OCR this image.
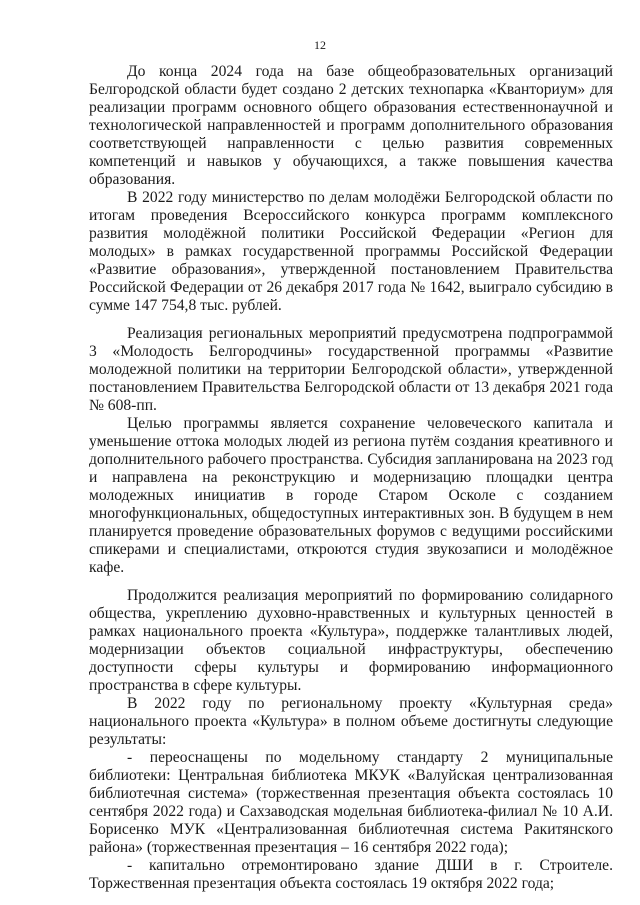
12

До конца 2024 года на базе общеобразовательных организаций Белгородской области будет создано 2 детских технопарка «Кванториум» для реализации программ основного общего образования естественнонаучной и технологической направленностей и программ дополнительного образования соответствующей направленности с целью развития современных компетенций и навыков у обучающихся, а также повышения качества образования.

В 2022 году министерство по делам молодёжи Белгородской области по итогам проведения Всероссийского конкурса программ комплексного развития молодёжной политики Российской Федерации «Регион для молодых» в рамках государственной программы Российской Федерации «Развитие образования», утвержденной постановлением Правительства Российской Федерации от 26 декабря 2017 года № 1642, выиграло субсидию в сумме 147 754,8 тыс. рублей.

Реализация региональных мероприятий предусмотрена подпрограммой 3 «Молодость Белгородчины» государственной программы «Развитие молодежной политики на территории Белгородской области», утвержденной постановлением Правительства Белгородской области от 13 декабря 2021 года № 608-пп.

Целью программы является сохранение человеческого капитала и уменьшение оттока молодых людей из региона путём создания креативного и дополнительного рабочего пространства. Субсидия запланирована на 2023 год и направлена на реконструкцию и модернизацию площадки центра молодежных инициатив в городе Старом Осколе с созданием многофункциональных, общедоступных интерактивных зон. В будущем в нем планируется проведение образовательных форумов с ведущими российскими спикерами и специалистами, откроются студия звукозаписи и молодёжное кафе.

Продолжится реализация мероприятий по формированию солидарного общества, укреплению духовно-нравственных и культурных ценностей в рамках национального проекта «Культура», поддержке талантливых людей, модернизации объектов социальной инфраструктуры, обеспечению доступности сферы культуры и формированию информационного пространства в сфере культуры.

В 2022 году по региональному проекту «Культурная среда» национального проекта «Культура» в полном объеме достигнуты следующие результаты:

- переоснащены по модельному стандарту 2 муниципальные библиотеки: Центральная библиотека МКУК «Валуйская централизованная библиотечная система» (торжественная презентация объекта состоялась 10 сентября 2022 года) и Сахзаводская модельная библиотека-филиал № 10 А.И. Борисенко МУК «Централизованная библиотечная система Ракитянского района» (торжественная презентация – 16 сентября 2022 года);

- капитально отремонтировано здание ДШИ в г. Строителе. Торжественная презентация объекта состоялась 19 октября 2022 года;
